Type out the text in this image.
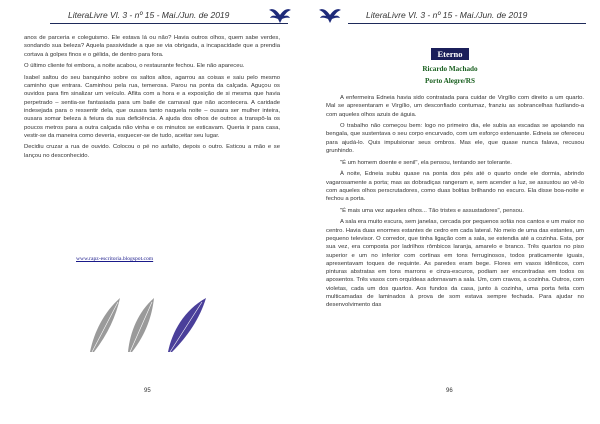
LiteraLivre Vl. 3 - nº 15 - Mai./Jun. de 2019

anos de parceria e coleguismo. Ele estava lá ou não? Havia outros olhos, quem sabe verdes, sondando sua beleza? Aquela passividade a que se via obrigada, a incapacidade que a prendia cortava à golpes finos e o gélida, de dentro para fora.

O último cliente foi embora, a noite acabou, o restaurante fechou. Ele não apareceu.

Isabel saltou do seu banquinho sobre os saltos altos, agarrou as coisas e saiu pelo mesmo caminho que entrara. Caminhou pela rua, temerosa. Parou na ponta da calçada. Aguçou os ouvidos para fim sinalizar um veículo. Aflita com a hora e a exposição de si mesma que havia perpetrado – sentia-se fantasiada para um baile de carnaval que não acontecera. A caridade indesejada para o ressentir dela, que ousara tanto naquela noite – ousara ser mulher inteira, ousara somar beleza à feiura da sua deficiência. A ajuda dos olhos de outros a transpô-la os poucos metros para a outra calçada não vinha e os minutos se esticavam. Queria ir para casa, vestir-se da maneira como deveria, esquecer-se de tudo, aceitar seu lugar.

Decidiu cruzar a rua de ouvido. Colocou o pé no asfalto, depois o outro. Esticou a mão e se lançou no desconhecido.

www.rapz-escritoria.blogspot.com
95
LiteraLivre Vl. 3 - nº 15 - Mai./Jun. de 2019
Eterno
Ricardo Machado
Porto Alegre/RS

A enfermeira Edneia havia sido contratada para cuidar de Virgílio com direito a um quarto. Mal se apresentaram e Virgílio, um desconfiado contumaz, franziu as sobrancelhas fuzilando-a com aqueles olhos azuis de águia.

O trabalho não começou bem: logo no primeiro dia, ele subia as escadas se apoiando na bengala, que sustentava o seu corpo encurvado, com um esforço extenuante. Edneia se ofereceu para ajudá-lo. Quis impulsionar seus ombros. Mas ele, que quase nunca falava, recusou grunhindo.

"É um homem doente e senil", ela pensou, tentando ser tolerante.

À noite, Edneia subiu quase na ponta dos pés até o quarto onde ele dormia, abrindo vagarosamente a porta; mas as dobradiças rangeram e, sem acender a luz, se assustou ao vê-lo com aqueles olhos perscrutadores, como duas bolitas brilhando no escuro. Ela disse boa-noite e fechou a porta.

"É mais uma vez aqueles olhos... Tão tristes e assustadores", pensou.

A sala era muito escura, sem janelas, cercada por pequenos sofás nos cantos e um maior no centro. Havia duas enormes estantes de cedro em cada lateral. No meio de uma das estantes, um pequeno televisor. O corredor, que tinha ligação com a sala, se estendia até a cozinha. Esta, por sua vez, era composta por ladrilhos rômbicos laranja, amarelo e branco. Três quartos no piso superior e um no inferior com cortinas em tons ferruginosos, todos praticamente iguais, apresentavam toques de requinte. As paredes eram bege. Flores em vasos idênticos, com pinturas abstratas em tons marrons e cinza-escuros, podiam ser encontradas em todos os aposentos. Três vasos com orquídeas adornavam a sala. Um, com cravos, a cozinha. Outros, com violetas, cada um dos quartos. Aos fundos da casa, junto à cozinha, uma porta feita com multicamadas de laminados à prova de som estava sempre fechada. Para ajudar no desenvolvimento das

96
